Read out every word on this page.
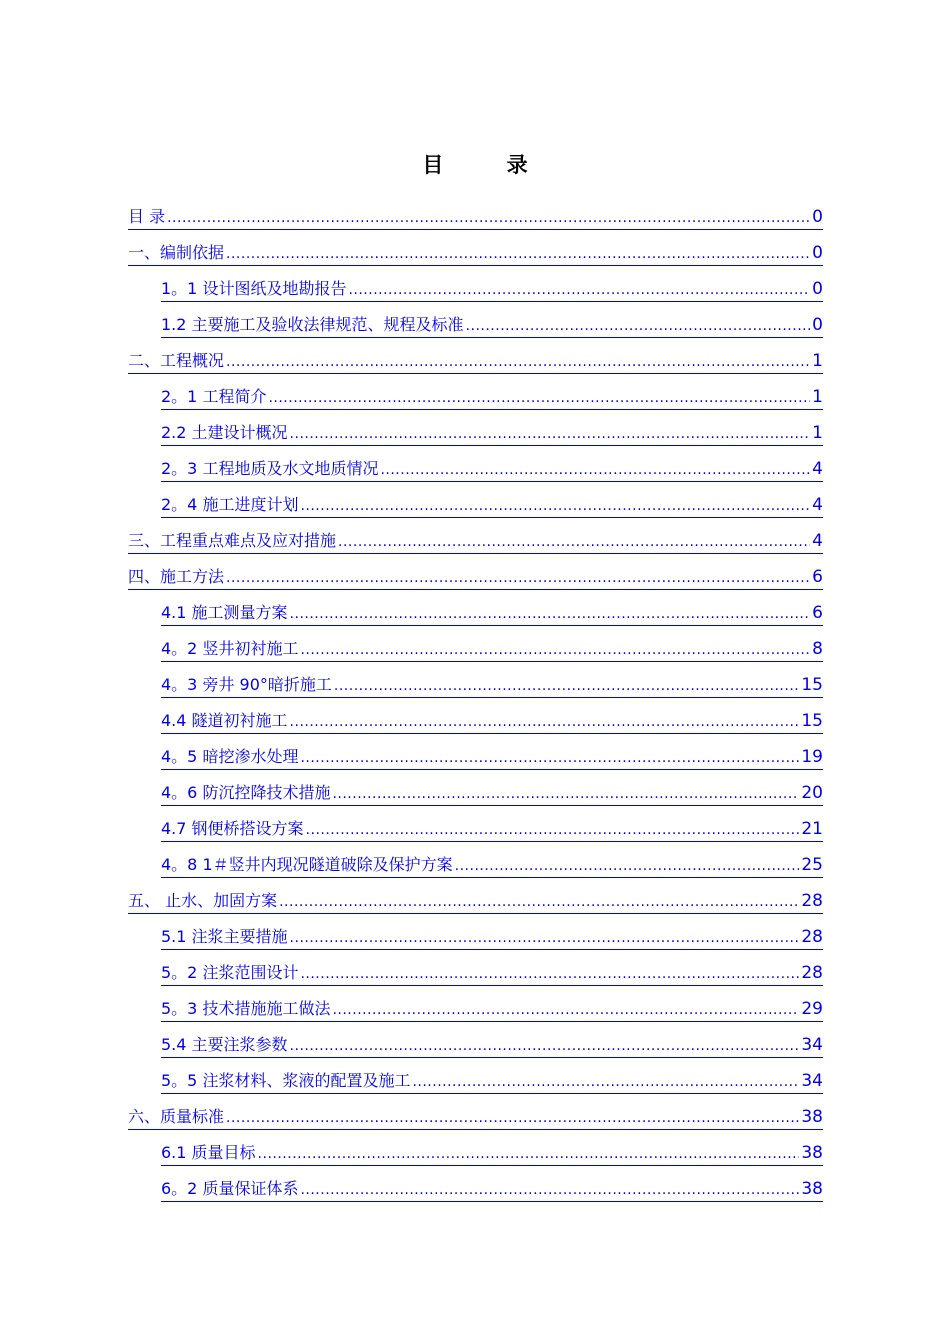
目 录
目 录 .....	0
一、编制依据 .....	0
1。1 设计图纸及地勘报告 .....	0
1.2 主要施工及验收法律规范、规程及标准 .....	0
二、工程概况 .....	1
2。1 工程简介 .....	1
2.2 土建设计概况 .....	1
2。3 工程地质及水文地质情况 .....	4
2。4 施工进度计划 .....	4
三、工程重点难点及应对措施 .....	4
四、施工方法 .....	6
4.1 施工测量方案 .....	6
4。2 竖井初衬施工 .....	8
4。3 旁井 90°暗折施工 .....	15
4.4 隧道初衬施工 .....	15
4。5 暗挖渗水处理 .....	19
4。6 防沉控降技术措施 .....	20
4.7 钢便桥搭设方案 .....	21
4。8 1＃竖井内现况隧道破除及保护方案 .....	25
五、 止水、加固方案 .....	28
5.1 注浆主要措施 .....	28
5。2 注浆范围设计 .....	28
5。3 技术措施施工做法 .....	29
5.4 主要注浆参数 .....	34
5。5 注浆材料、浆液的配置及施工 .....	34
六、质量标准 .....	38
6.1 质量目标 .....	38
6。2 质量保证体系 .....	38
